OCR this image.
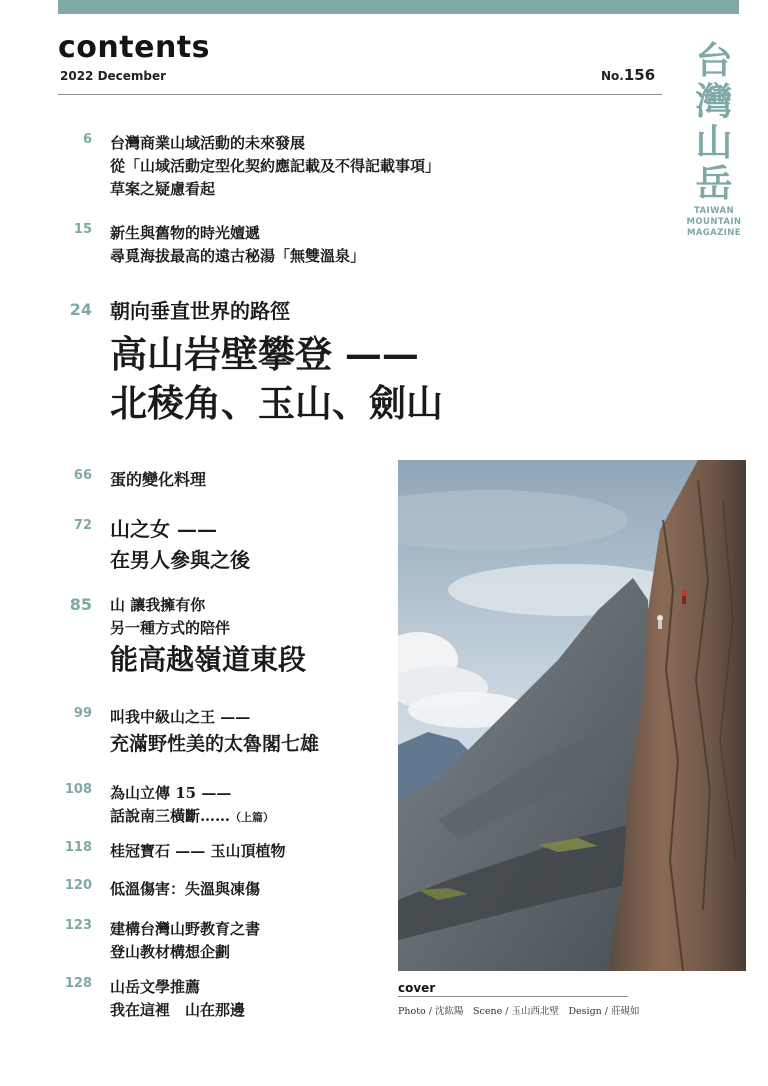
contents
2022 December	No.156	台
灣
山
岳
TAIWAN
MOUNTAIN
MAGAZINE
6 台灣商業山域活動的未來發展
從「山域活動定型化契約應記載及不得記載事項」
草案之疑慮看起
15 新生與舊物的時光嬗遞
尋覓海拔最高的遠古秘湯「無雙溫泉」
24 朝向垂直世界的路徑
高山岩壁攀登 ——
北稜角、玉山、劍山
66 蛋的變化料理
72 山之女 ——
在男人參與之後
85 山 讓我擁有你
另一種方式的陪伴
能高越嶺道東段
99 叫我中級山之王 ——
充滿野性美的太魯閣七雄
108 為山立傳 15 ——
話說南三橫斷……（上篇）
118 桂冠寶石 —— 玉山頂植物
120 低溫傷害：失溫與凍傷
123 建構台灣山野教育之書
登山教材構想企劃
128 山岳文學推薦
我在這裡　山在那邊
cover
Photo / 沈紘陽　Scene / 玉山西北壁　Design / 莊硯如
